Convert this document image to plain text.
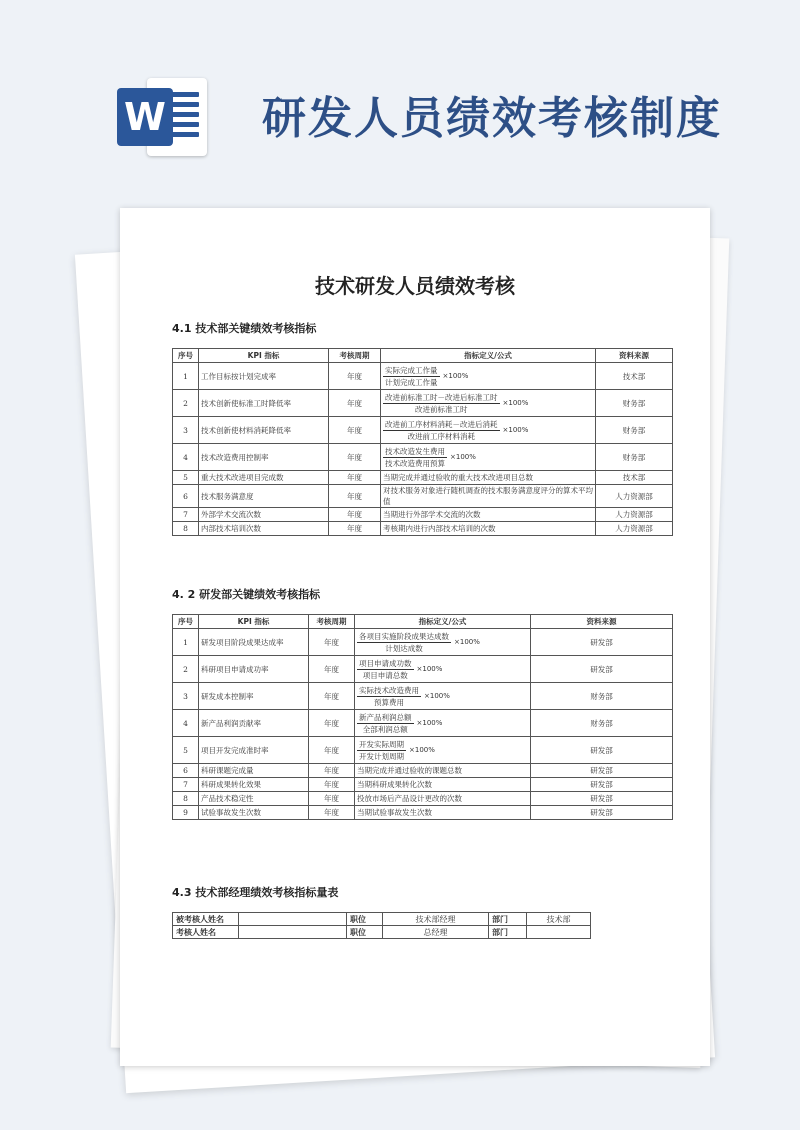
W 研发人员绩效考核制度
技术研发人员绩效考核
4.1 技术部关键绩效考核指标
序号	KPI 指标	考核周期	指标定义/公式	资料来源
1	工作目标按计划完成率	年度	$\frac{\text{实际完成工作量}}{\text{计划完成工作量}} \times 100\%$	技术部
2	技术创新使标准工时降低率	年度	$\frac{\text{改进前标准工时－改进后标准工时}}{\text{改进前标准工时}} \times 100\%$	财务部
3	技术创新使材料消耗降低率	年度	$\frac{\text{改进前工序材料消耗－改进后消耗}}{\text{改进前工序材料消耗}} \times 100\%$	财务部
4	技术改造费用控制率	年度	$\frac{\text{技术改造发生费用}}{\text{技术改造费用预算}} \times 100\%$	财务部
5	重大技术改进项目完成数	年度	当期完成并通过验收的重大技术改进项目总数	技术部
6	技术服务满意度	年度	对技术服务对象进行随机调查的技术服务满意度评分的算术平均值	人力资源部
7	外部学术交流次数	年度	当期进行外部学术交流的次数	人力资源部
8	内部技术培训次数	年度	考核期内进行内部技术培训的次数	人力资源部
4. 2 研发部关键绩效考核指标
序号	KPI 指标	考核周期	指标定义/公式	资料来源
1	研发项目阶段成果达成率	年度	$\frac{\text{各项目实施阶段成果达成数}}{\text{计划达成数}} \times 100\%$	研发部
2	科研项目申请成功率	年度	$\frac{\text{项目申请成功数}}{\text{项目申请总数}} \times 100\%$	研发部
3	研发成本控制率	年度	$\frac{\text{实际技术改造费用}}{\text{预算费用}} \times 100\%$	财务部
4	新产品利润贡献率	年度	$\frac{\text{新产品利润总额}}{\text{全部利润总额}} \times 100\%$	财务部
5	项目开发完成准时率	年度	$\frac{\text{开发实际周期}}{\text{开发计划周期}} \times 100\%$	研发部
6	科研课题完成量	年度	当期完成并通过验收的课题总数	研发部
7	科研成果转化效果	年度	当期科研成果转化次数	研发部
8	产品技术稳定性	年度	投放市场后产品设计更改的次数	研发部
9	试验事故发生次数	年度	当期试验事故发生次数	研发部
4.3 技术部经理绩效考核指标量表
被考核人姓名		职位	技术部经理	部门	技术部
考核人姓名		职位	总经理	部门	
